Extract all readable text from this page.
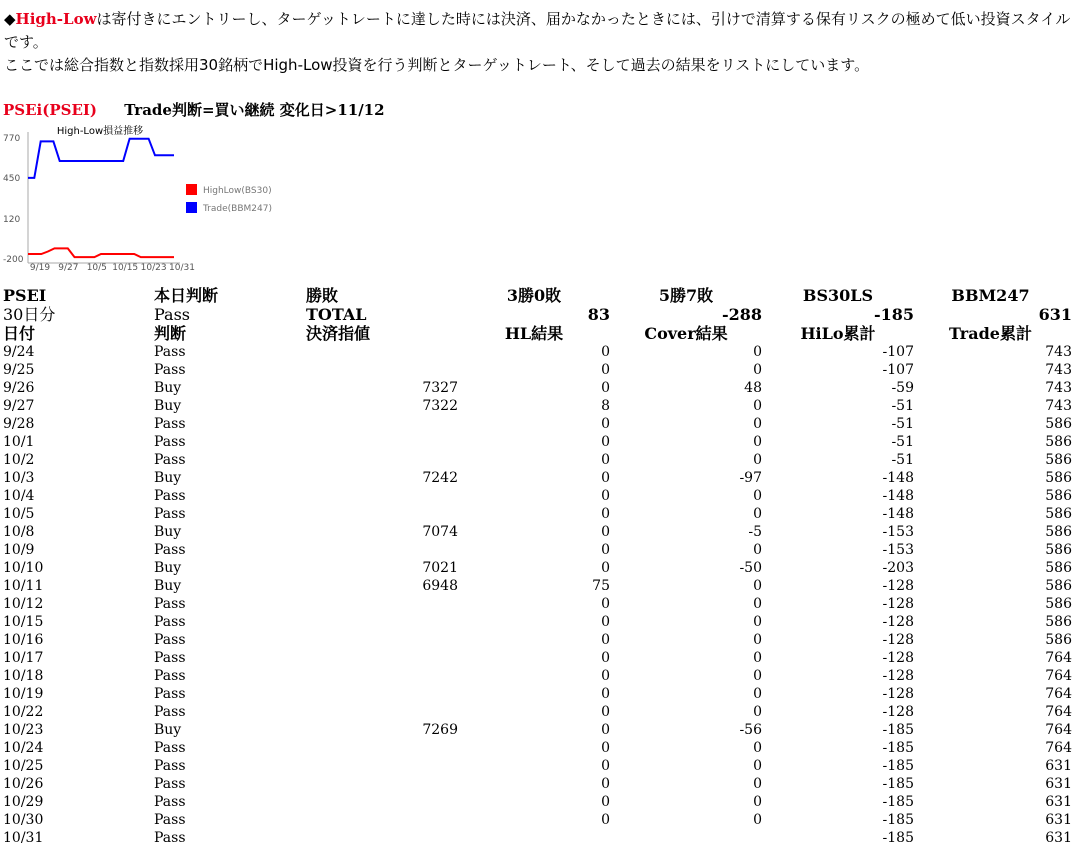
◆High-Lowは寄付きにエントリーし、ターゲットレートに達した時には決済、届かなかったときには、引けで清算する保有リスクの極めて低い投資スタイルです。
ここでは総合指数と指数採用30銘柄でHigh-Low投資を行う判断とターゲットレート、そして過去の結果をリストにしています。
PSEi(PSEI) Trade判断=買い継続 変化日>11/12
High-Low損益推移
770
450
120
-200
9/19 9/27 10/5 10/15 10/23 10/31
HighLow(BS30)
Trade(BBM247)
PSEI	本日判断	勝敗	3勝0敗	5勝7敗	BS30LS	BBM247	
30日分	Pass	TOTAL	83	-288	-185	631	
日付	判断	決済指値	HL結果	Cover結果	HiLo累計	Trade累計	
9/24	Pass		0	0	-107	743	
9/25	Pass		0	0	-107	743	
9/26	Buy	7327	0	48	-59	743	
9/27	Buy	7322	8	0	-51	743	
9/28	Pass		0	0	-51	586	
10/1	Pass		0	0	-51	586	
10/2	Pass		0	0	-51	586	
10/3	Buy	7242	0	-97	-148	586	
10/4	Pass		0	0	-148	586	
10/5	Pass		0	0	-148	586	
10/8	Buy	7074	0	-5	-153	586	
10/9	Pass		0	0	-153	586	
10/10	Buy	7021	0	-50	-203	586	
10/11	Buy	6948	75	0	-128	586	
10/12	Pass		0	0	-128	586	
10/15	Pass		0	0	-128	586	
10/16	Pass		0	0	-128	586	
10/17	Pass		0	0	-128	764	
10/18	Pass		0	0	-128	764	
10/19	Pass		0	0	-128	764	
10/22	Pass		0	0	-128	764	
10/23	Buy	7269	0	-56	-185	764	
10/24	Pass		0	0	-185	764	
10/25	Pass		0	0	-185	631	
10/26	Pass		0	0	-185	631	
10/29	Pass		0	0	-185	631	
10/30	Pass		0	0	-185	631	
10/31	Pass				-185	631	
